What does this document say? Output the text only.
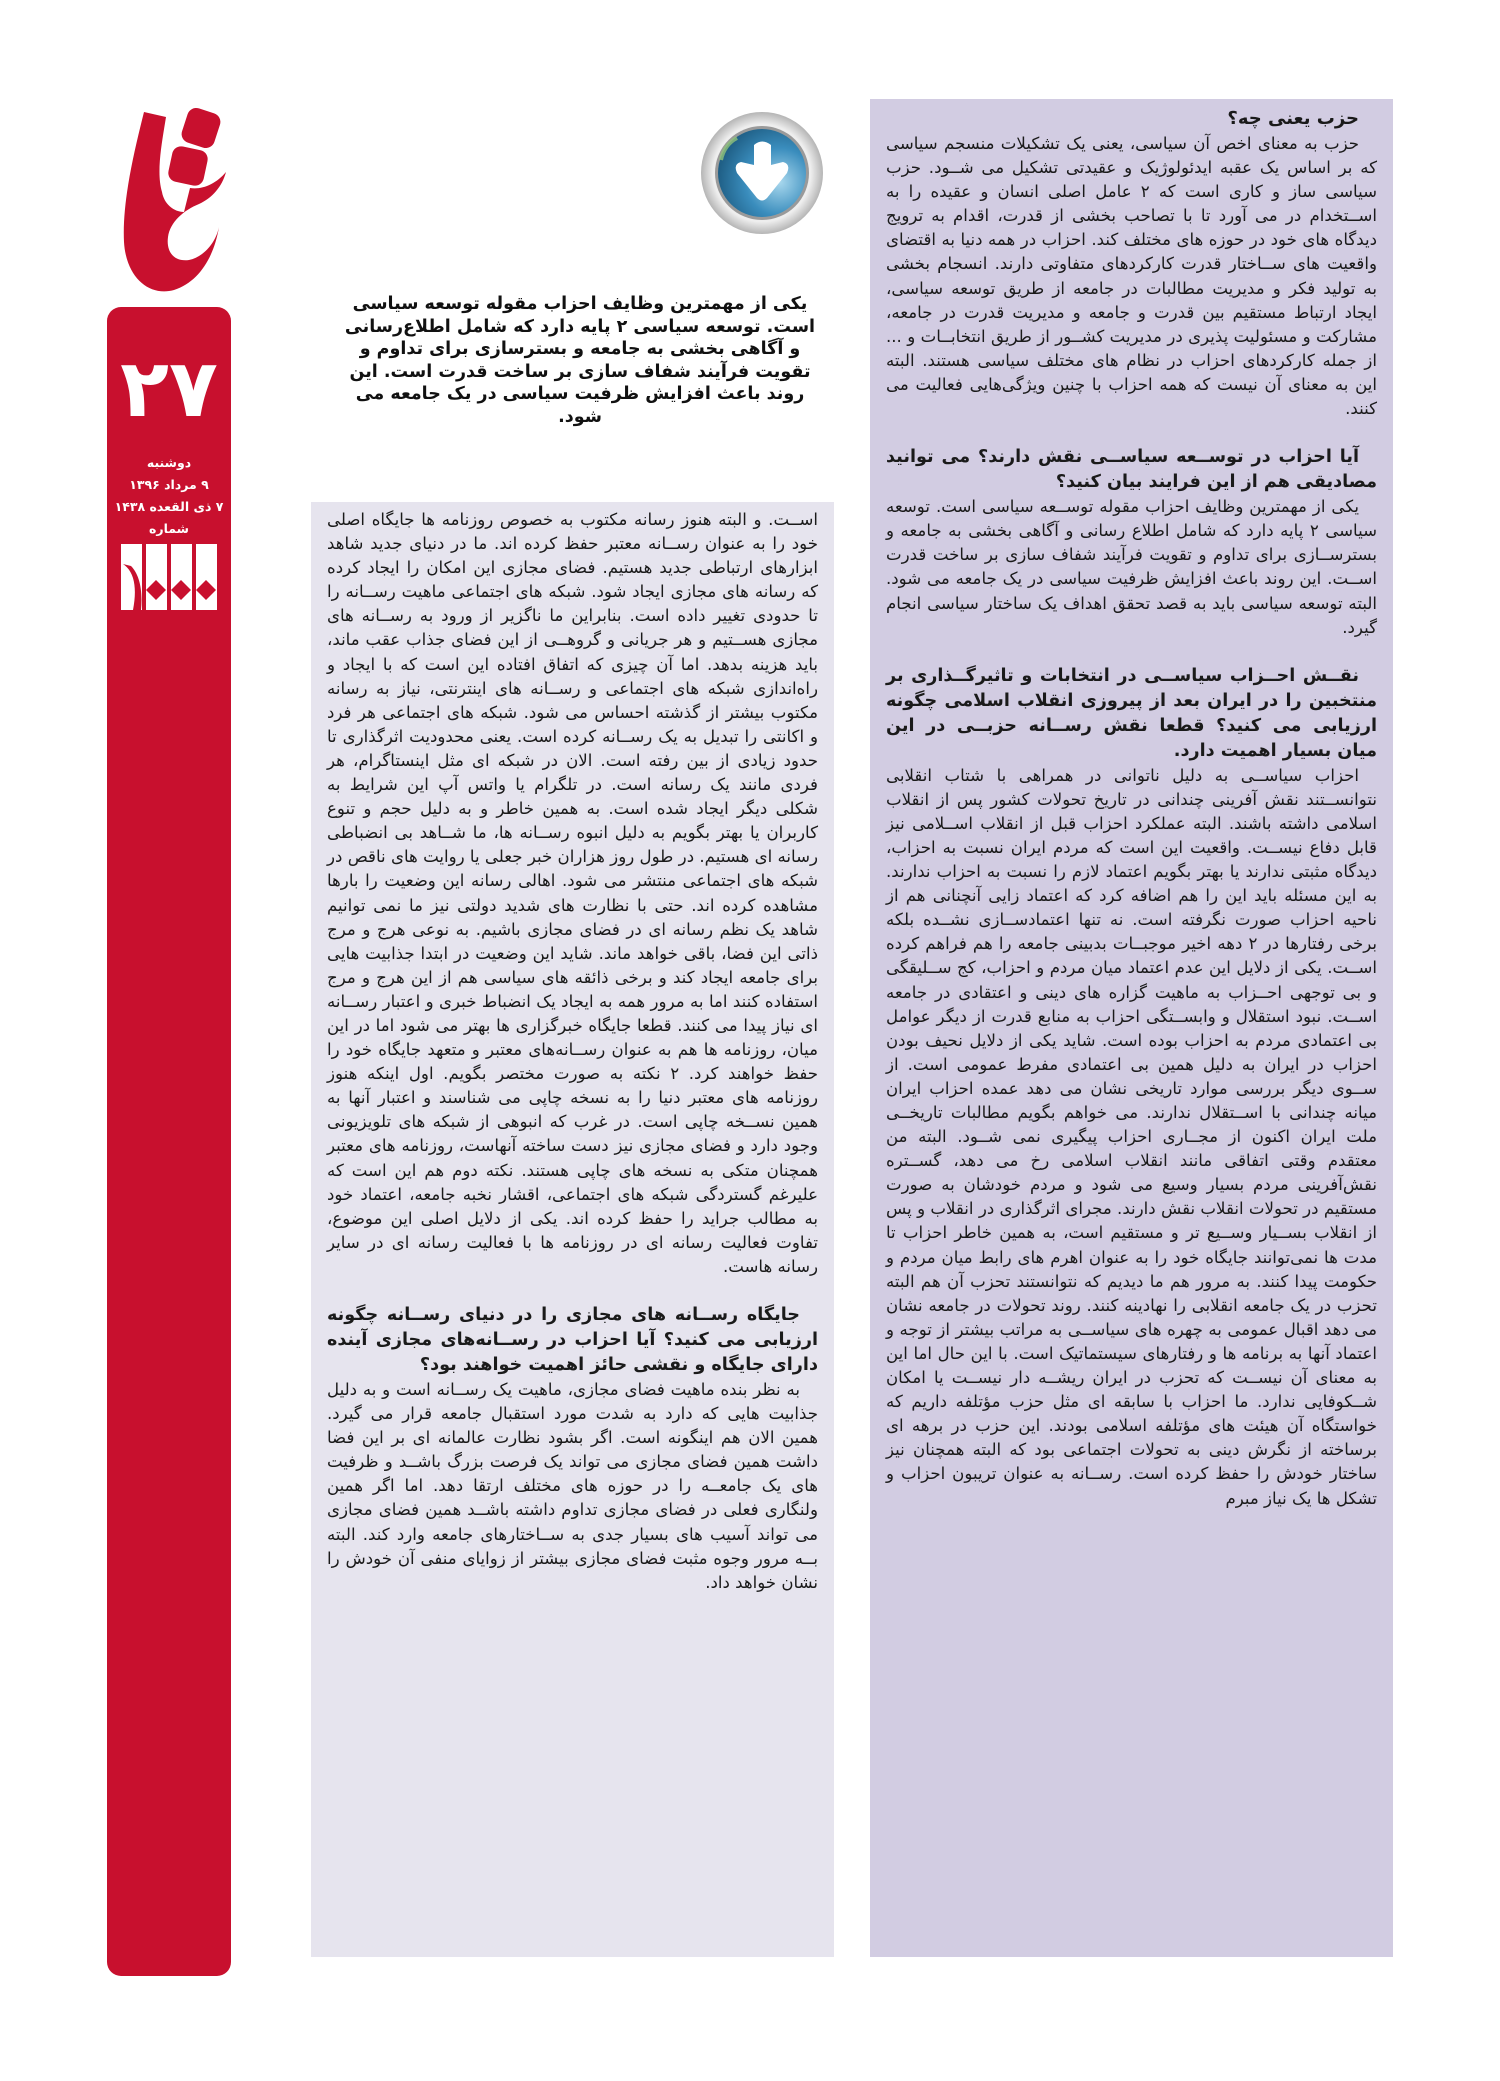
۲۷
دوشنبه
۹ مرداد ۱۳۹۶
۷ ذی القعده ۱۴۳۸
شماره
یکی از مهمترین وظایف احزاب مقوله توسعه سیاسی است. توسعه سیاسی ۲ پایه دارد که شامل اطلاع‌رسانی و آگاهی بخشی به جامعه و بسترسازی برای تداوم و تقویت فرآیند شفاف سازی بر ساخت قدرت است. این روند باعث افزایش ظرفیت سیاسی در یک جامعه می شود.

اســت. و البته هنوز رسانه مکتوب به خصوص روزنامه ها جایگاه اصلی خود را به عنوان رســانه معتبر حفظ کرده اند. ما در دنیای جدید شاهد ابزارهای ارتباطی جدید هستیم. فضای مجازی این امکان را ایجاد کرده که رسانه های مجازی ایجاد شود. شبکه های اجتماعی ماهیت رســانه را تا حدودی تغییر داده است. بنابراین ما ناگزیر از ورود به رســانه های مجازی هســتیم و هر جریانی و گروهــی از این فضای جذاب عقب ماند، باید هزینه بدهد. اما آن چیزی که اتفاق افتاده این است که با ایجاد و راه‌اندازی شبکه های اجتماعی و رســانه های اینترنتی، نیاز به رسانه مکتوب بیشتر از گذشته احساس می شود. شبکه های اجتماعی هر فرد و اکانتی را تبدیل به یک رســانه کرده است. یعنی محدودیت اثرگذاری تا حدود زیادی از بین رفته است. الان در شبکه ای مثل اینستاگرام، هر فردی مانند یک رسانه است. در تلگرام یا واتس آپ این شرایط به شکلی دیگر ایجاد شده است. به همین خاطر و به دلیل حجم و تنوع کاربران یا بهتر بگویم به دلیل انبوه رســانه ها، ما شــاهد بی انضباطی رسانه ای هستیم. در طول روز هزاران خبر جعلی یا روایت های ناقص در شبکه های اجتماعی منتشر می شود. اهالی رسانه این وضعیت را بارها مشاهده کرده اند. حتی با نظارت های شدید دولتی نیز ما نمی توانیم شاهد یک نظم رسانه ای در فضای مجازی باشیم. به نوعی هرج و مرج ذاتی این فضا، باقی خواهد ماند. شاید این وضعیت در ابتدا جذابیت هایی برای جامعه ایجاد کند و برخی ذائقه های سیاسی هم از این هرج و مرج استفاده کنند اما به مرور همه به ایجاد یک انضباط خبری و اعتبار رســانه ای نیاز پیدا می کنند. قطعا جایگاه خبرگزاری ها بهتر می شود اما در این میان، روزنامه ها هم به عنوان رســانه‌های معتبر و متعهد جایگاه خود را حفظ خواهند کرد. ۲ نکته به صورت مختصر بگویم. اول اینکه هنوز روزنامه های معتبر دنیا را به نسخه چاپی می شناسند و اعتبار آنها به همین نســخه چاپی است. در غرب که انبوهی از شبکه های تلویزیونی وجود دارد و فضای مجازی نیز دست ساخته آنهاست، روزنامه های معتبر همچنان متکی به نسخه های چاپی هستند. نکته دوم هم این است که علیرغم گستردگی شبکه های اجتماعی، اقشار نخبه جامعه، اعتماد خود به مطالب جراید را حفظ کرده اند. یکی از دلایل اصلی این موضوع، تفاوت فعالیت رسانه ای در روزنامه ها با فعالیت رسانه ای در سایر رسانه هاست.

جایگاه رســانه های مجازی را در دنیای رســانه چگونه ارزیابی می کنید؟ آیا احزاب در رســانه‌های مجازی آینده دارای جایگاه و نقشی حائز اهمیت خواهند بود؟

به نظر بنده ماهیت فضای مجازی، ماهیت یک رســانه است و به دلیل جذابیت هایی که دارد به شدت مورد استقبال جامعه قرار می گیرد. همین الان هم اینگونه است. اگر بشود نظارت عالمانه ای بر این فضا داشت همین فضای مجازی می تواند یک فرصت بزرگ باشــد و ظرفیت های یک جامعــه را در حوزه های مختلف ارتقا دهد. اما اگر همین ولنگاری فعلی در فضای مجازی تداوم داشته باشــد همین فضای مجازی می تواند آسیب های بسیار جدی به ســاختارهای جامعه وارد کند. البته بــه مرور وجوه مثبت فضای مجازی بیشتر از زوایای منفی آن خودش را نشان خواهد داد.

حزب یعنی چه؟

حزب به معنای اخص آن سیاسی، یعنی یک تشکیلات منسجم سیاسی که بر اساس یک عقبه ایدئولوژیک و عقیدتی تشکیل می شــود. حزب سیاسی ساز و کاری است که ۲ عامل اصلی انسان و عقیده را به اســتخدام در می آورد تا با تصاحب بخشی از قدرت، اقدام به ترویج دیدگاه های خود در حوزه های مختلف کند. احزاب در همه دنیا به اقتضای واقعیت های ســاختار قدرت کارکردهای متفاوتی دارند. انسجام بخشی به تولید فکر و مدیریت مطالبات در جامعه از طریق توسعه سیاسی، ایجاد ارتباط مستقیم بین قدرت و جامعه و مدیریت قدرت در جامعه، مشارکت و مسئولیت پذیری در مدیریت کشــور از طریق انتخابــات و ... از جمله کارکردهای احزاب در نظام های مختلف سیاسی هستند. البته این به معنای آن نیست که همه احزاب با چنین ویژگی‌هایی فعالیت می کنند.

آیا احزاب در توســعه سیاســی نقش دارند؟ می توانید مصادیقی هم از این فرایند بیان کنید؟

یکی از مهمترین وظایف احزاب مقوله توســعه سیاسی است. توسعه سیاسی ۲ پایه دارد که شامل اطلاع رسانی و آگاهی بخشی به جامعه و بسترســازی برای تداوم و تقویت فرآیند شفاف سازی بر ساخت قدرت اســت. این روند باعث افزایش ظرفیت سیاسی در یک جامعه می شود. البته توسعه سیاسی باید به قصد تحقق اهداف یک ساختار سیاسی انجام گیرد.

نقــش احــزاب سیاســی در انتخابات و تاثیرگــذاری بر منتخبین را در ایران بعد از پیروزی انقلاب اسلامی چگونه ارزیابی می کنید؟ قطعا نقش رســانه حزبــی در این میان بسیار اهمیت دارد.

احزاب سیاســی به دلیل ناتوانی در همراهی با شتاب انقلابی نتوانســتند نقش آفرینی چندانی در تاریخ تحولات کشور پس از انقلاب اسلامی داشته باشند. البته عملکرد احزاب قبل از انقلاب اســلامی نیز قابل دفاع نیســت. واقعیت این است که مردم ایران نسبت به احزاب، دیدگاه مثبتی ندارند یا بهتر بگویم اعتماد لازم را نسبت به احزاب ندارند. به این مسئله باید این را هم اضافه کرد که اعتماد زایی آنچنانی هم از ناحیه احزاب صورت نگرفته است. نه تنها اعتمادســازی نشــده بلکه برخی رفتارها در ۲ دهه اخیر موجبــات بدبینی جامعه را هم فراهم کرده اســت. یکی از دلایل این عدم اعتماد میان مردم و احزاب، کج ســلیقگی و بی توجهی احــزاب به ماهیت گزاره های دینی و اعتقادی در جامعه اســت. نبود استقلال و وابســتگی احزاب به منابع قدرت از دیگر عوامل بی اعتمادی مردم به احزاب بوده است. شاید یکی از دلایل نحیف بودن احزاب در ایران به دلیل همین بی اعتمادی مفرط عمومی است. از ســوی دیگر بررسی موارد تاریخی نشان می دهد عمده احزاب ایران میانه چندانی با اســتقلال ندارند. می خواهم بگویم مطالبات تاریخــی ملت ایران اکنون از مجــاری احزاب پیگیری نمی شــود. البته من معتقدم وقتی اتفاقی مانند انقلاب اسلامی رخ می دهد، گســتره نقش‌آفرینی مردم بسیار وسیع می شود و مردم خودشان به صورت مستقیم در تحولات انقلاب نقش دارند. مجرای اثرگذاری در انقلاب و پس از انقلاب بســیار وســیع تر و مستقیم است، به همین خاطر احزاب تا مدت ها نمی‌توانند جایگاه خود را به عنوان اهرم های رابط میان مردم و حکومت پیدا کنند. به مرور هم ما دیدیم که نتوانستند تحزب آن هم البته تحزب در یک جامعه انقلابی را نهادینه کنند. روند تحولات در جامعه نشان می دهد اقبال عمومی به چهره های سیاســی به مراتب بیشتر از توجه و اعتماد آنها به برنامه ها و رفتارهای سیستماتیک است. با این حال اما این به معنای آن نیســت که تحزب در ایران ریشــه دار نیســت یا امکان شــکوفایی ندارد. ما احزاب با سابقه ای مثل حزب مؤتلفه داریم که خواستگاه آن هیئت های مؤتلفه اسلامی بودند. این حزب در برهه ای برساخته از نگرش دینی به تحولات اجتماعی بود که البته همچنان نیز ساختار خودش را حفظ کرده است. رســانه به عنوان تریبون احزاب و تشکل ها یک نیاز مبرم
